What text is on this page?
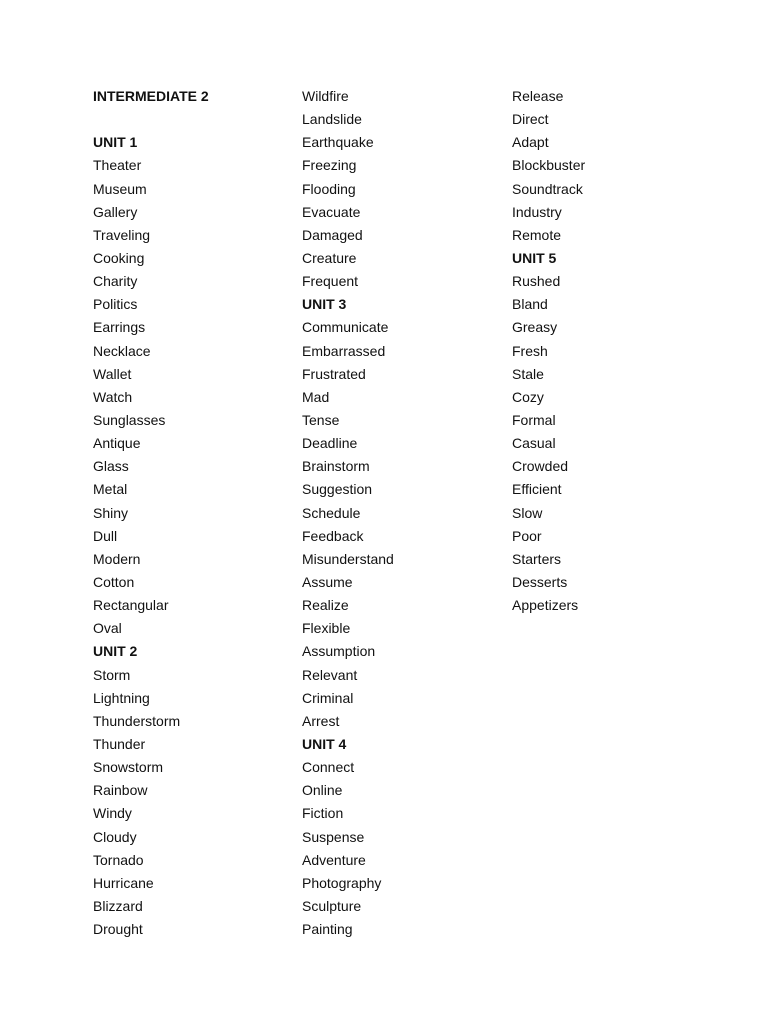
INTERMEDIATE 2
UNIT 1
Theater
Museum
Gallery
Traveling
Cooking
Charity
Politics
Earrings
Necklace
Wallet
Watch
Sunglasses
Antique
Glass
Metal
Shiny
Dull
Modern
Cotton
Rectangular
Oval
UNIT 2
Storm
Lightning
Thunderstorm
Thunder
Snowstorm
Rainbow
Windy
Cloudy
Tornado
Hurricane
Blizzard
Drought
Wildfire
Landslide
Earthquake
Freezing
Flooding
Evacuate
Damaged
Creature
Frequent
UNIT 3
Communicate
Embarrassed
Frustrated
Mad
Tense
Deadline
Brainstorm
Suggestion
Schedule
Feedback
Misunderstand
Assume
Realize
Flexible
Assumption
Relevant
Criminal
Arrest
UNIT 4
Connect
Online
Fiction
Suspense
Adventure
Photography
Sculpture
Painting
Release
Direct
Adapt
Blockbuster
Soundtrack
Industry
Remote
UNIT 5
Rushed
Bland
Greasy
Fresh
Stale
Cozy
Formal
Casual
Crowded
Efficient
Slow
Poor
Starters
Desserts
Appetizers
